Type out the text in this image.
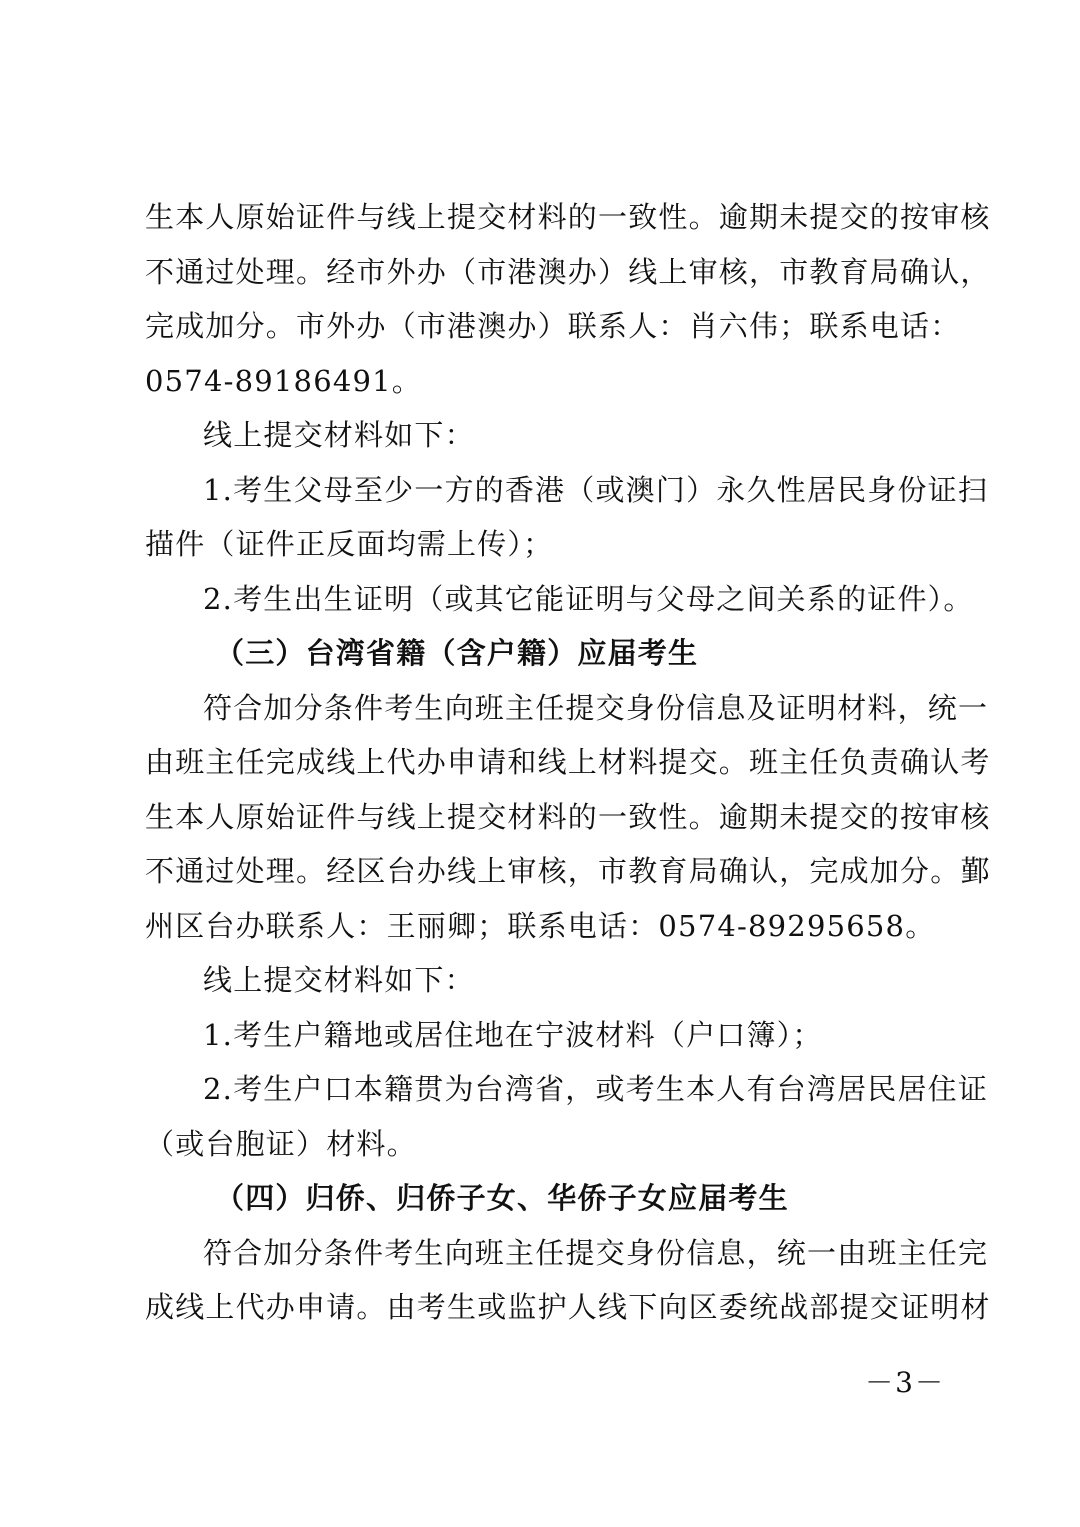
生本人原始证件与线上提交材料的一致性。逾期未提交的按审核
不通过处理。经市外办（市港澳办）线上审核，市教育局确认，
完成加分。市外办（市港澳办）联系人：肖六伟；联系电话：
0574-89186491。
线上提交材料如下：
1.考生父母至少一方的香港（或澳门）永久性居民身份证扫
描件（证件正反面均需上传）；
2.考生出生证明（或其它能证明与父母之间关系的证件）。
（三）台湾省籍（含户籍）应届考生
符合加分条件考生向班主任提交身份信息及证明材料，统一
由班主任完成线上代办申请和线上材料提交。班主任负责确认考
生本人原始证件与线上提交材料的一致性。逾期未提交的按审核
不通过处理。经区台办线上审核，市教育局确认，完成加分。鄞
州区台办联系人：王丽卿；联系电话：0574-89295658。
线上提交材料如下：
1.考生户籍地或居住地在宁波材料（户口簿）；
2.考生户口本籍贯为台湾省，或考生本人有台湾居民居住证
（或台胞证）材料。
（四）归侨、归侨子女、华侨子女应届考生
符合加分条件考生向班主任提交身份信息，统一由班主任完
成线上代办申请。由考生或监护人线下向区委统战部提交证明材
－3－
